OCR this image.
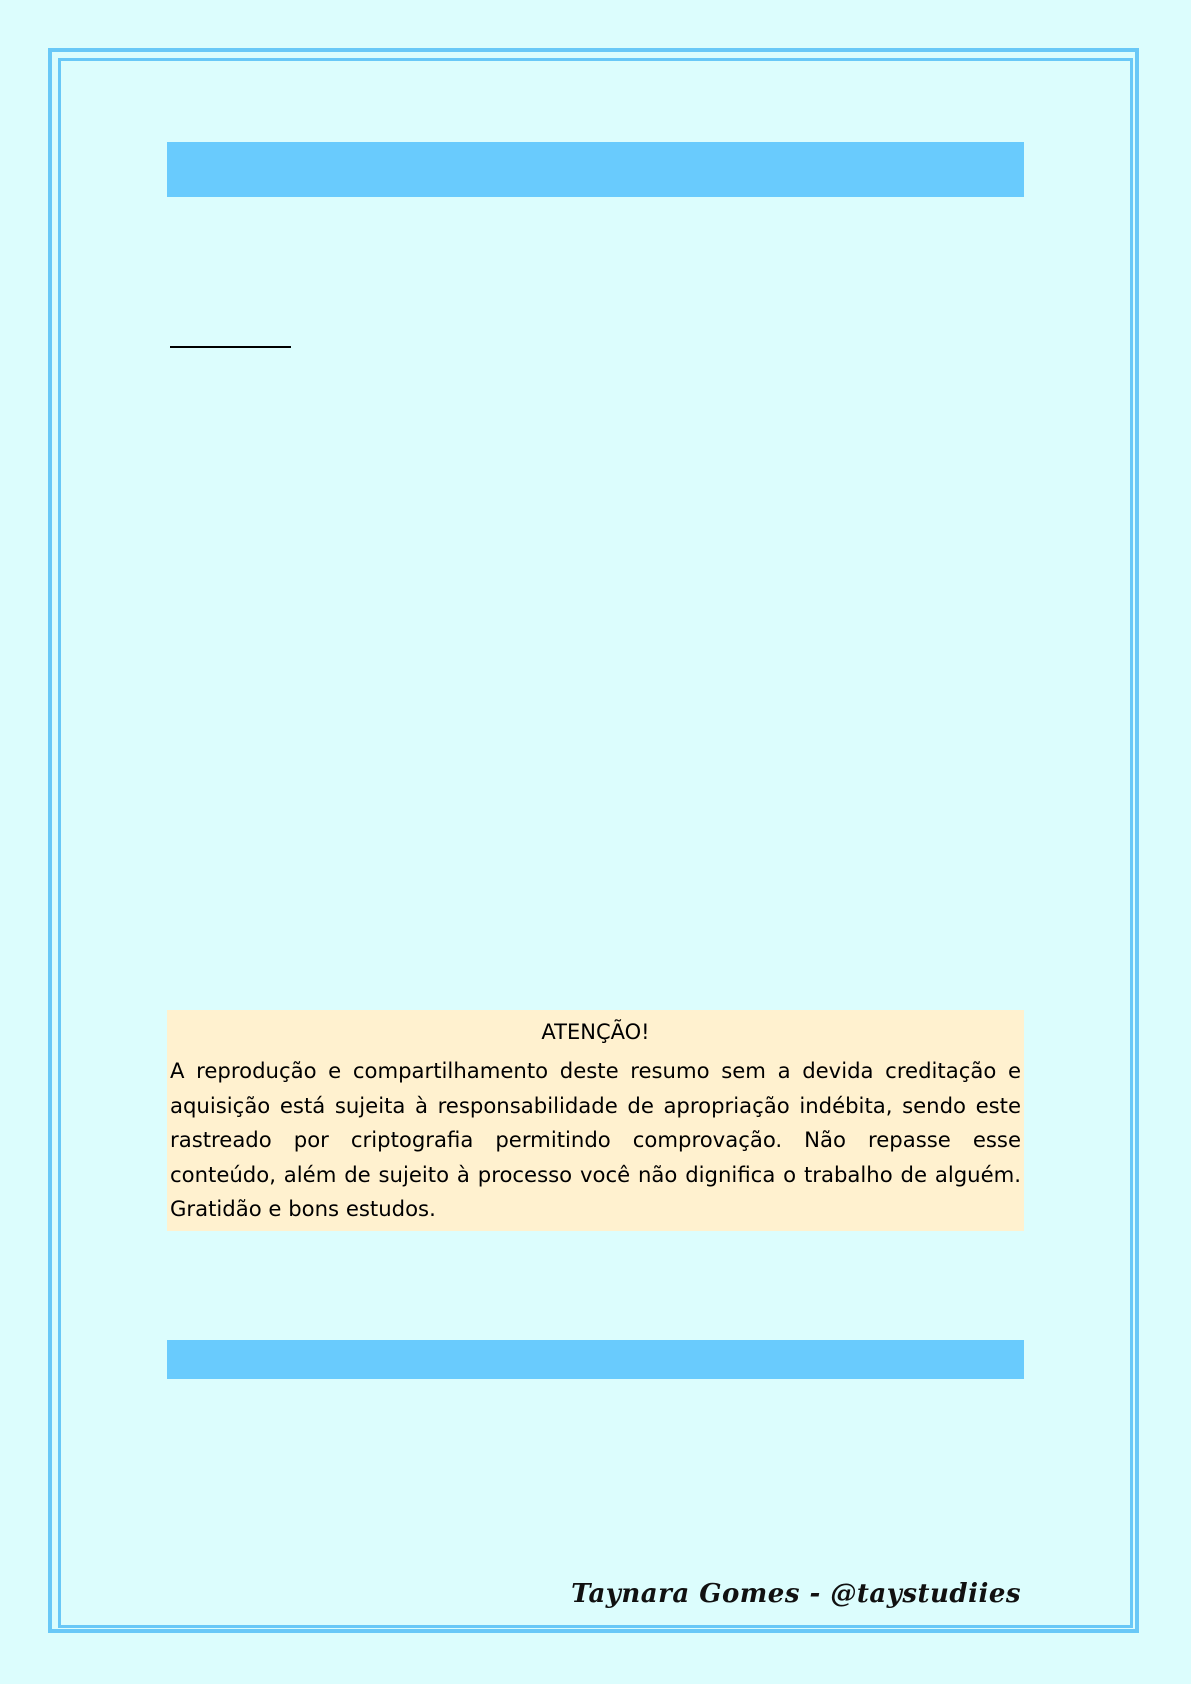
ATENÇÃO!

A reprodução e compartilhamento deste resumo sem a devida creditação e aquisição está sujeita à responsabilidade de apropriação indébita, sendo este rastreado por criptografia permitindo comprovação. Não repasse esse conteúdo, além de sujeito à processo você não dignifica o trabalho de alguém. Gratidão e bons estudos.

Taynara Gomes - @taystudiies
